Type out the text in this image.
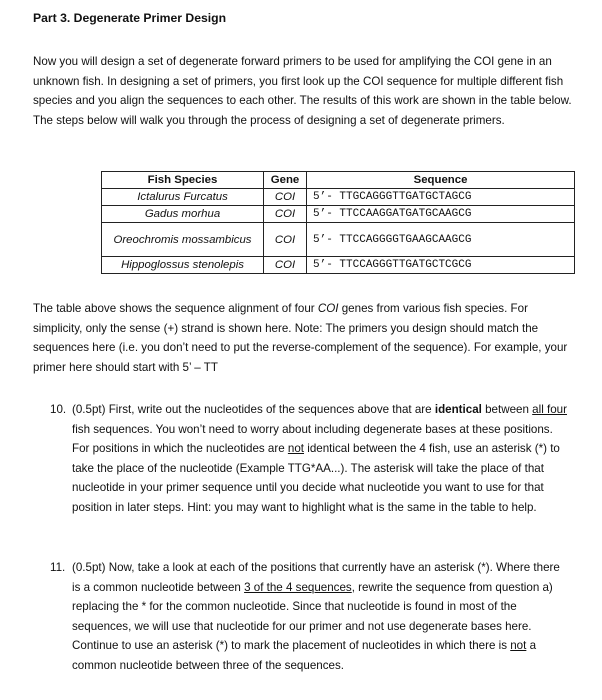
Part 3. Degenerate Primer Design
Now you will design a set of degenerate forward primers to be used for amplifying the COI gene in an unknown fish. In designing a set of primers, you first look up the COI sequence for multiple different fish species and you align the sequences to each other. The results of this work are shown in the table below. The steps below will walk you through the process of designing a set of degenerate primers.
Fish Species	Gene	Sequence
Ictalurus Furcatus	COI	5’- TTGCAGGGTTGATGCTAGCG
Gadus morhua	COI	5’- TTCCAAGGATGATGCAAGCG
Oreochromis mossambicus	COI	5’- TTCCAGGGGTGAAGCAAGCG
Hippoglossus stenolepis	COI	5’- TTCCAGGGTTGATGCTCGCG
The table above shows the sequence alignment of four COI genes from various fish species. For simplicity, only the sense (+) strand is shown here. Note: The primers you design should match the sequences here (i.e. you don’t need to put the reverse-complement of the sequence). For example, your primer here should start with 5’ – TT
10. (0.5pt) First, write out the nucleotides of the sequences above that are identical between all four fish sequences. You won’t need to worry about including degenerate bases at these positions. For positions in which the nucleotides are not identical between the 4 fish, use an asterisk (*) to take the place of the nucleotide (Example TTG*AA...). The asterisk will take the place of that nucleotide in your primer sequence until you decide what nucleotide you want to use for that position in later steps. Hint: you may want to highlight what is the same in the table to help.
11. (0.5pt) Now, take a look at each of the positions that currently have an asterisk (*). Where there is a common nucleotide between 3 of the 4 sequences, rewrite the sequence from question a) replacing the * for the common nucleotide. Since that nucleotide is found in most of the sequences, we will use that nucleotide for our primer and not use degenerate bases here. Continue to use an asterisk (*) to mark the placement of nucleotides in which there is not a common nucleotide between three of the sequences.
